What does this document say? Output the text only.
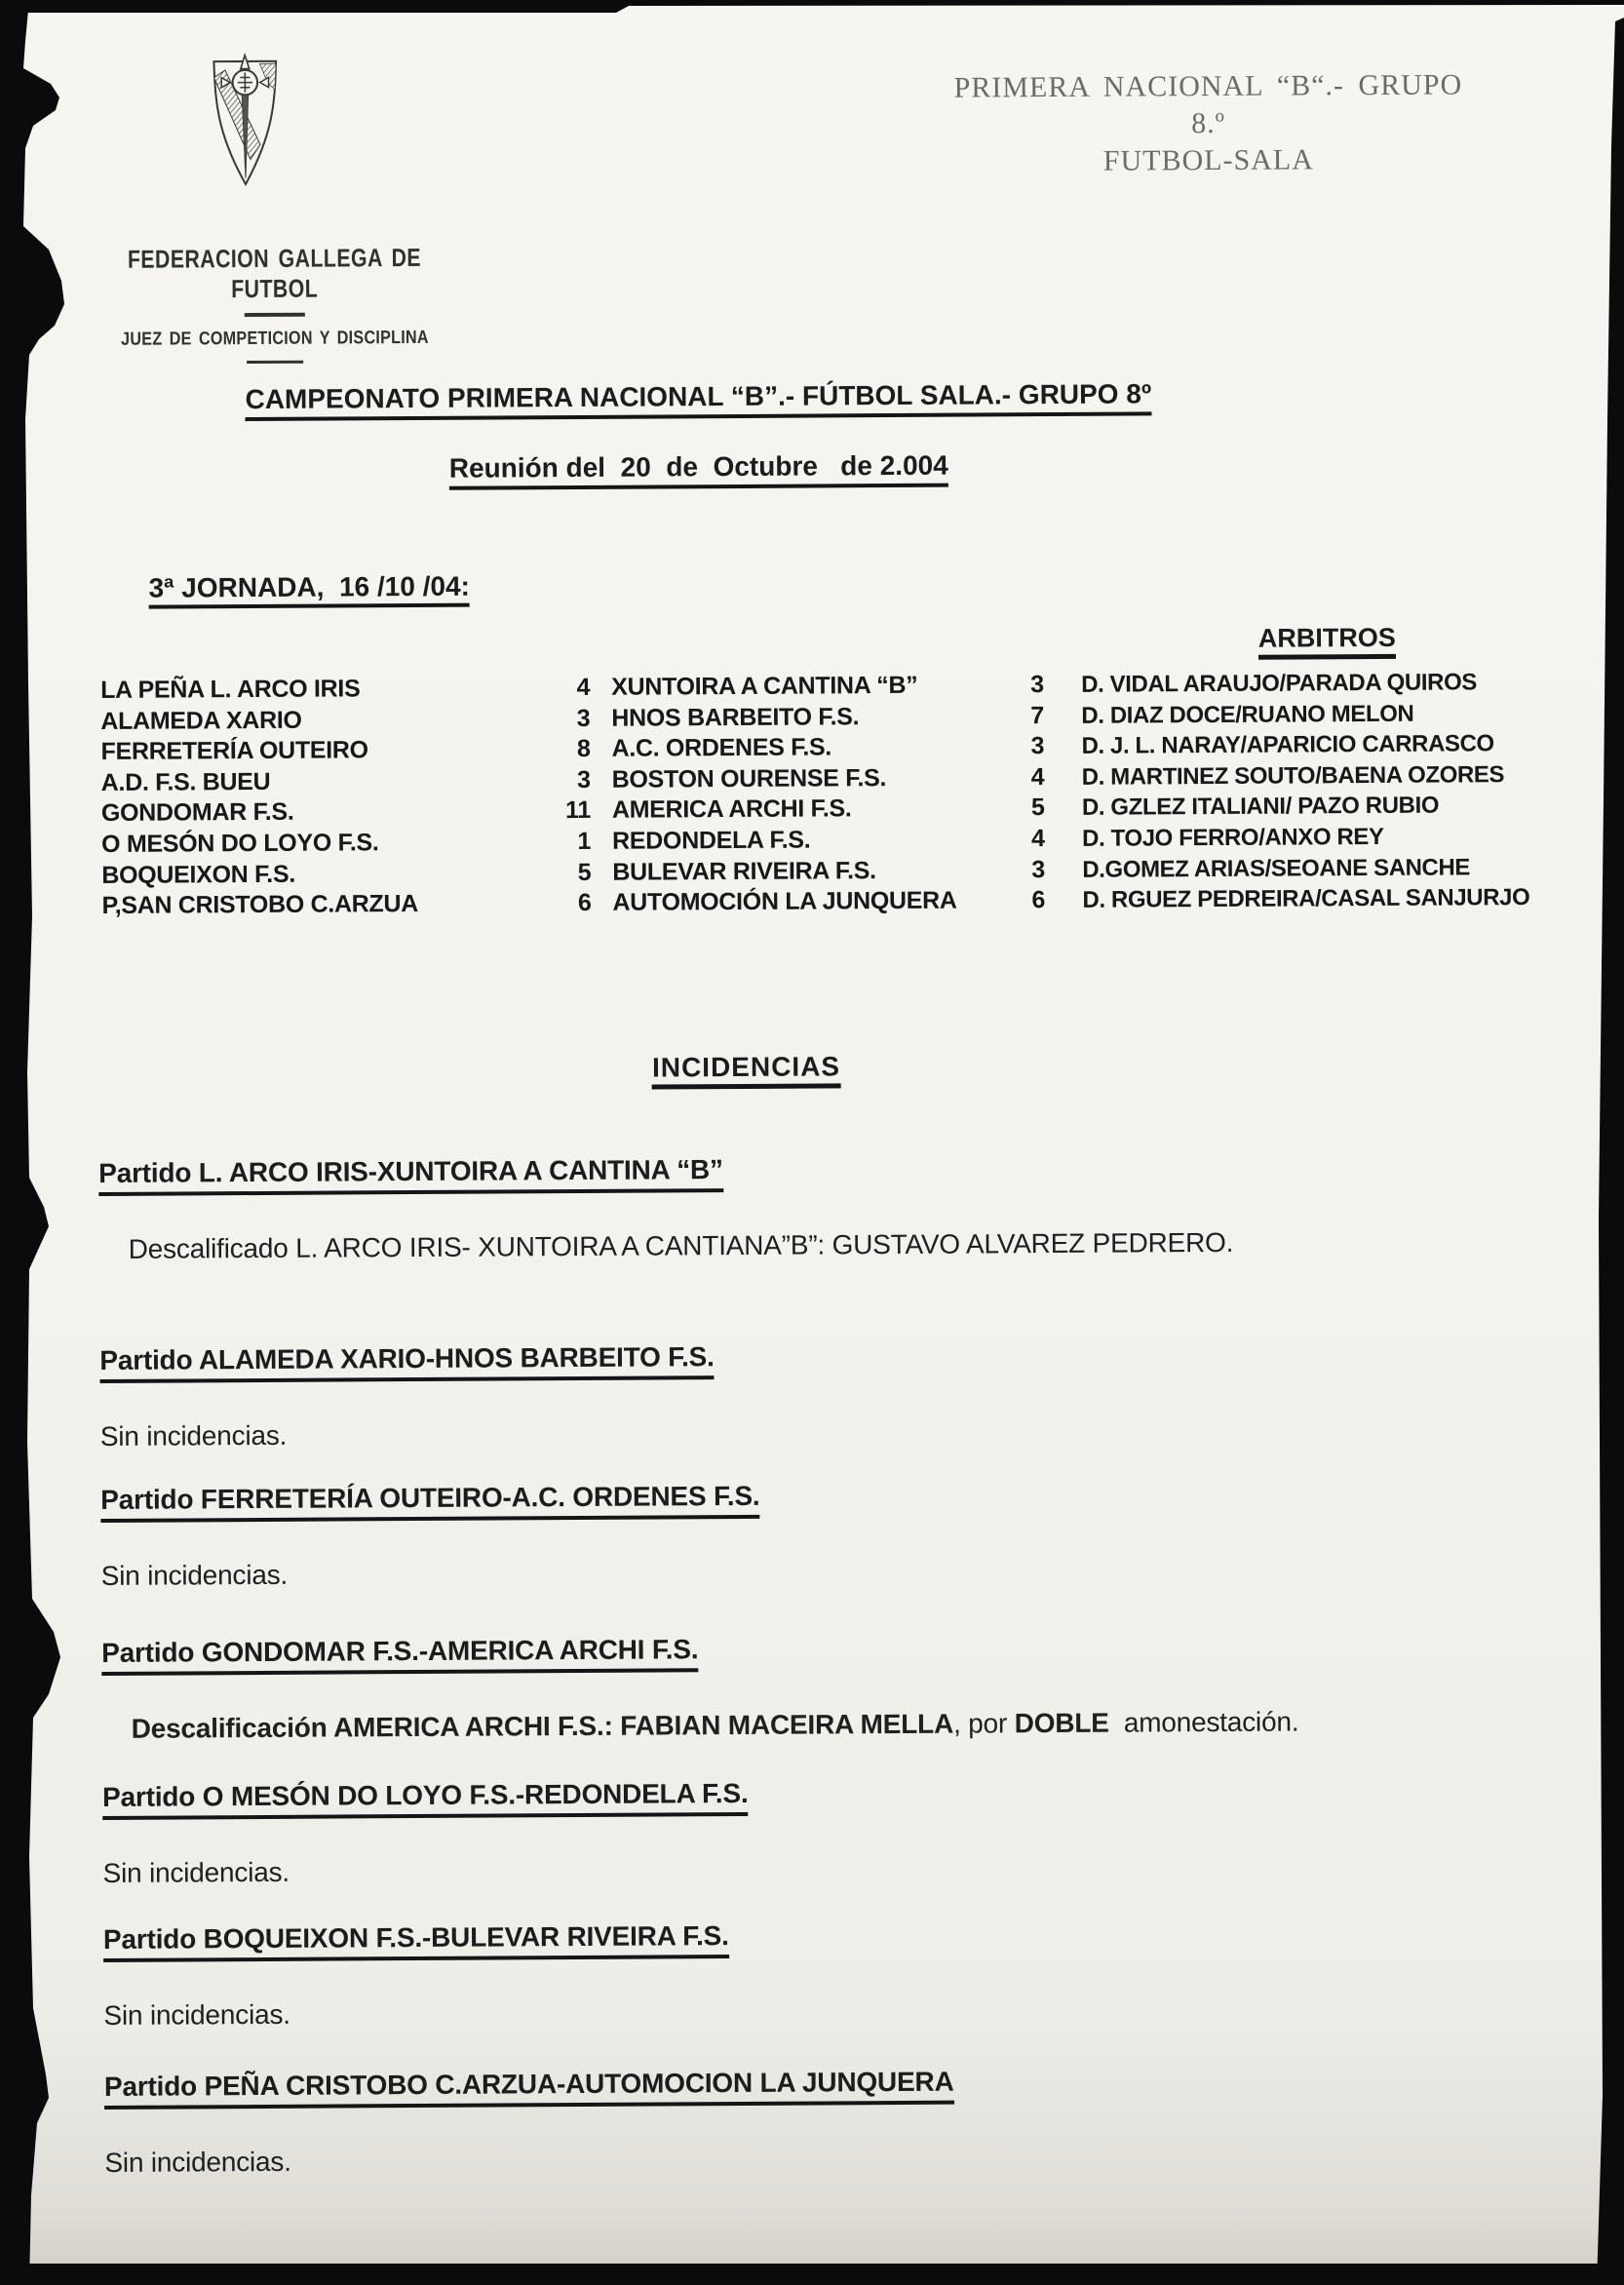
PRIMERA NACIONAL “B“.- GRUPO 8.º
FUTBOL-SALA
FEDERACION GALLEGA DE FUTBOL
JUEZ DE COMPETICION Y DISCIPLINA
CAMPEONATO PRIMERA NACIONAL “B”.- FÚTBOL SALA.- GRUPO 8º
Reunión del  20  de  Octubre   de 2.004
3ª JORNADA,  16 /10 /04:
ARBITROS
LA PEÑA L. ARCO IRIS	4 XUNTOIRA A CANTINA “B”	3	D. VIDAL ARAUJO/PARADA QUIROS
ALAMEDA XARIO	3 HNOS BARBEITO F.S.	7	D. DIAZ DOCE/RUANO MELON
FERRETERÍA OUTEIRO	8 A.C. ORDENES F.S.	3	D. J. L. NARAY/APARICIO CARRASCO
A.D. F.S. BUEU	3 BOSTON OURENSE F.S.	4	D. MARTINEZ SOUTO/BAENA OZORES
GONDOMAR F.S.	11 AMERICA ARCHI F.S.	5	D. GZLEZ ITALIANI/ PAZO RUBIO
O MESÓN DO LOYO F.S.	1 REDONDELA F.S.	4	D. TOJO FERRO/ANXO REY
BOQUEIXON F.S.	5 BULEVAR RIVEIRA F.S.	3	D.GOMEZ ARIAS/SEOANE SANCHE
P,SAN CRISTOBO C.ARZUA	6 AUTOMOCIÓN LA JUNQUERA	6	D. RGUEZ PEDREIRA/CASAL SANJURJO
INCIDENCIAS
Partido L. ARCO IRIS-XUNTOIRA A CANTINA “B”
Descalificado L. ARCO IRIS- XUNTOIRA A CANTIANA”B”: GUSTAVO ALVAREZ PEDRERO.
Partido ALAMEDA XARIO-HNOS BARBEITO F.S.
Sin incidencias.
Partido FERRETERÍA OUTEIRO-A.C. ORDENES F.S.
Sin incidencias.
Partido GONDOMAR F.S.-AMERICA ARCHI F.S.
Descalificación AMERICA ARCHI F.S.: FABIAN MACEIRA MELLA, por DOBLE  amonestación.
Partido O MESÓN DO LOYO F.S.-REDONDELA F.S.
Sin incidencias.
Partido BOQUEIXON F.S.-BULEVAR RIVEIRA F.S.
Sin incidencias.
Partido PEÑA CRISTOBO C.ARZUA-AUTOMOCION LA JUNQUERA
Sin incidencias.
